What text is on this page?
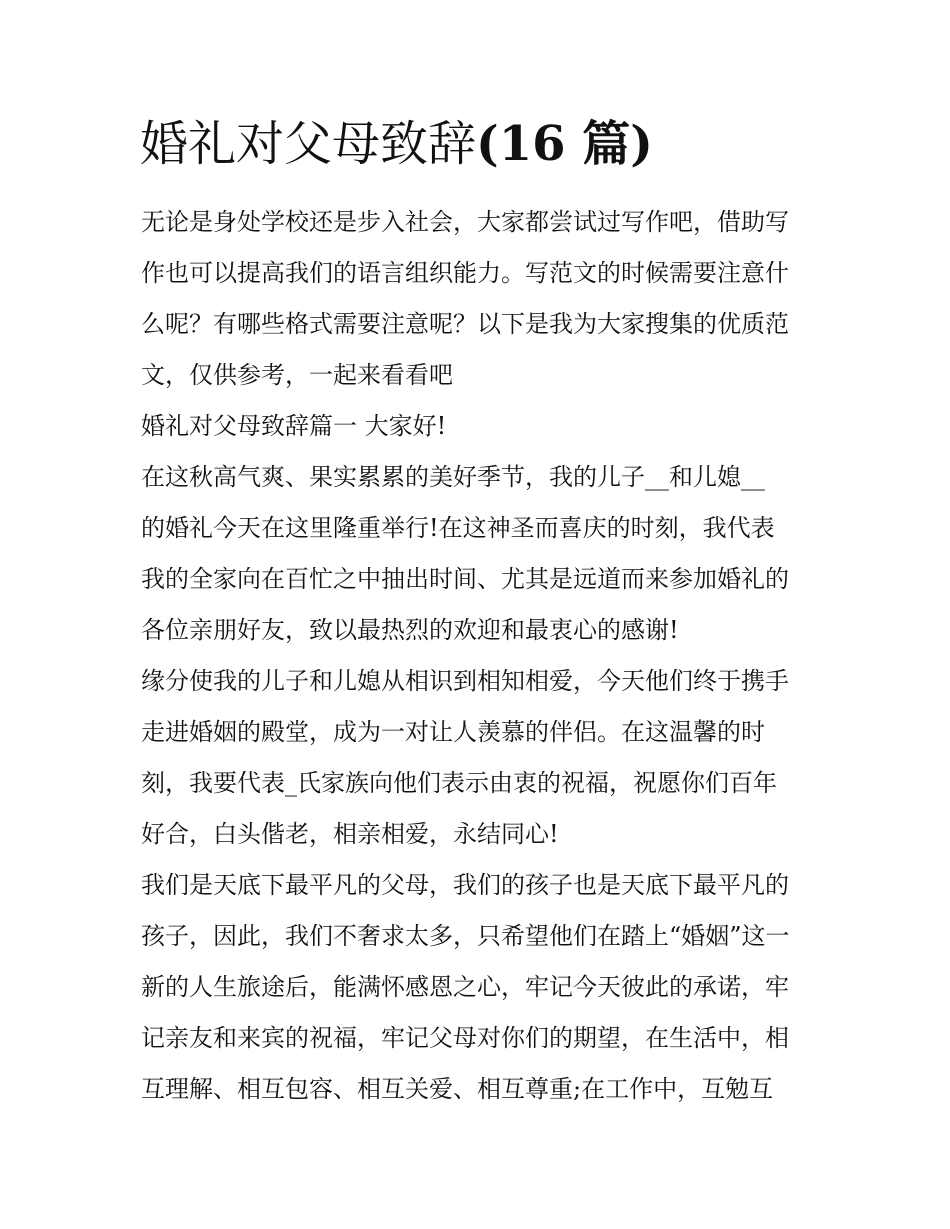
婚礼对父母致辞(16 篇)
无论是身处学校还是步入社会，大家都尝试过写作吧，借助写
作也可以提高我们的语言组织能力。写范文的时候需要注意什
么呢？有哪些格式需要注意呢？以下是我为大家搜集的优质范
文，仅供参考，一起来看看吧
婚礼对父母致辞篇一 大家好!
在这秋高气爽、果实累累的美好季节，我的儿子__和儿媳__
的婚礼今天在这里隆重举行!在这神圣而喜庆的时刻，我代表
我的全家向在百忙之中抽出时间、尤其是远道而来参加婚礼的
各位亲朋好友，致以最热烈的欢迎和最衷心的感谢!
缘分使我的儿子和儿媳从相识到相知相爱，今天他们终于携手
走进婚姻的殿堂，成为一对让人羡慕的伴侣。在这温馨的时
刻，我要代表_氏家族向他们表示由衷的祝福，祝愿你们百年
好合，白头偕老，相亲相爱，永结同心!
我们是天底下最平凡的父母，我们的孩子也是天底下最平凡的
孩子，因此，我们不奢求太多，只希望他们在踏上“婚姻”这一
新的人生旅途后，能满怀感恩之心，牢记今天彼此的承诺，牢
记亲友和来宾的祝福，牢记父母对你们的期望，在生活中，相
互理解、相互包容、相互关爱、相互尊重;在工作中，互勉互
